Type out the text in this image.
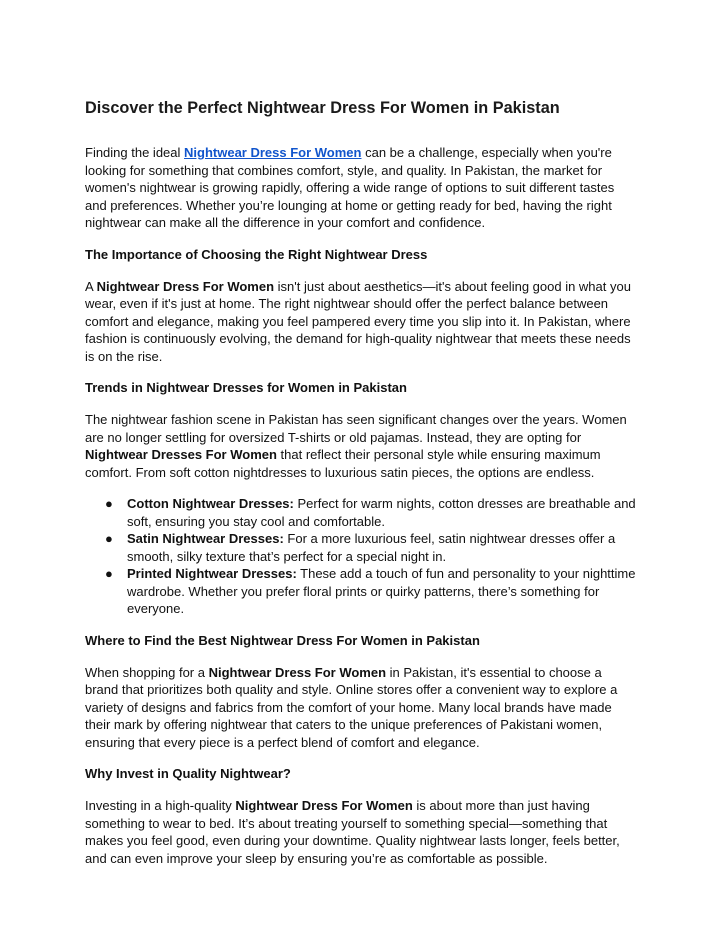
Discover the Perfect Nightwear Dress For Women in Pakistan

Finding the ideal Nightwear Dress For Women can be a challenge, especially when you're looking for something that combines comfort, style, and quality. In Pakistan, the market for women's nightwear is growing rapidly, offering a wide range of options to suit different tastes and preferences. Whether you’re lounging at home or getting ready for bed, having the right nightwear can make all the difference in your comfort and confidence.

The Importance of Choosing the Right Nightwear Dress

A Nightwear Dress For Women isn't just about aesthetics—it's about feeling good in what you wear, even if it's just at home. The right nightwear should offer the perfect balance between comfort and elegance, making you feel pampered every time you slip into it. In Pakistan, where fashion is continuously evolving, the demand for high-quality nightwear that meets these needs is on the rise.

Trends in Nightwear Dresses for Women in Pakistan

The nightwear fashion scene in Pakistan has seen significant changes over the years. Women are no longer settling for oversized T-shirts or old pajamas. Instead, they are opting for Nightwear Dresses For Women that reflect their personal style while ensuring maximum comfort. From soft cotton nightdresses to luxurious satin pieces, the options are endless.

● Cotton Nightwear Dresses: Perfect for warm nights, cotton dresses are breathable and soft, ensuring you stay cool and comfortable.
● Satin Nightwear Dresses: For a more luxurious feel, satin nightwear dresses offer a smooth, silky texture that’s perfect for a special night in.
● Printed Nightwear Dresses: These add a touch of fun and personality to your nighttime wardrobe. Whether you prefer floral prints or quirky patterns, there’s something for everyone.
Where to Find the Best Nightwear Dress For Women in Pakistan

When shopping for a Nightwear Dress For Women in Pakistan, it's essential to choose a brand that prioritizes both quality and style. Online stores offer a convenient way to explore a variety of designs and fabrics from the comfort of your home. Many local brands have made their mark by offering nightwear that caters to the unique preferences of Pakistani women, ensuring that every piece is a perfect blend of comfort and elegance.

Why Invest in Quality Nightwear?

Investing in a high-quality Nightwear Dress For Women is about more than just having something to wear to bed. It’s about treating yourself to something special—something that makes you feel good, even during your downtime. Quality nightwear lasts longer, feels better, and can even improve your sleep by ensuring you’re as comfortable as possible.
